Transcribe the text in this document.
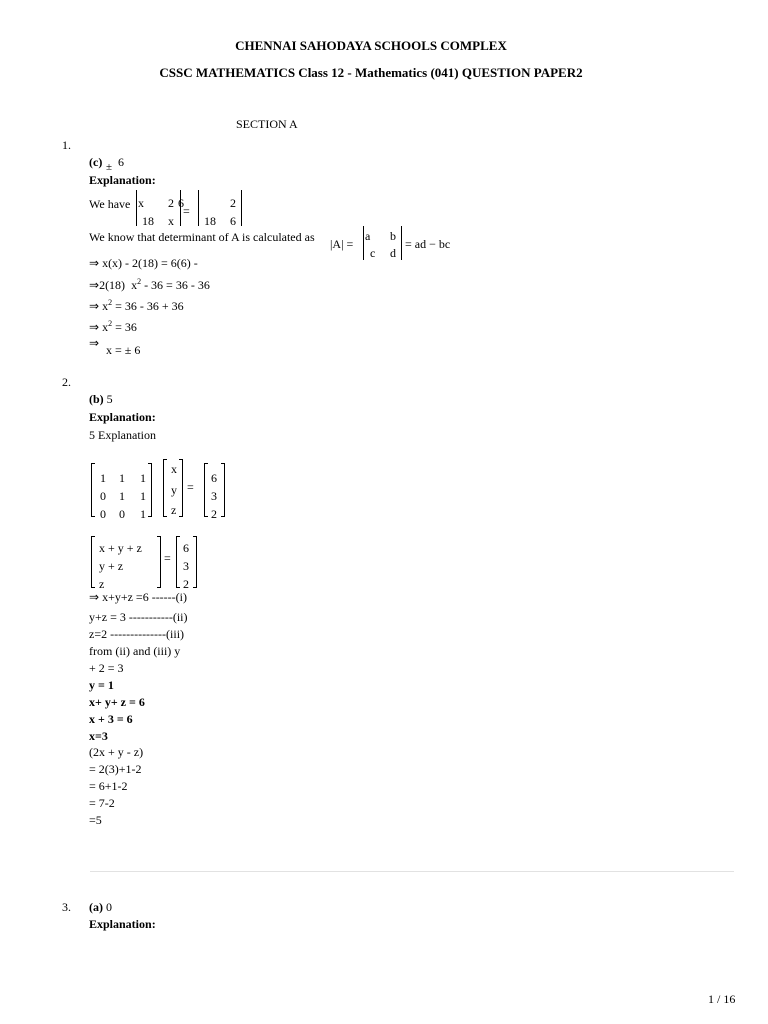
CHENNAI SAHODAYA SCHOOLS COMPLEX
CSSC MATHEMATICS Class 12 - Mathematics (041) QUESTION PAPER2
SECTION A
1.
(c) ± 6
Explanation:
We have x 2
18 x
=
6	2
18 6
We know that determinant of A is calculated as |A| =
a b
c d
= ad − bc
⇒ x(x) - 2(18) = 6(6) -
⇒2(18) $x^2 - 36 = 36 - 36$
⇒ $x^2 = 36 - 36 + 36$
⇒ $x^2 = 36$
⇒ x = ± 6
2.
(b) 5
Explanation:
5 Explanation
1 1 1
0 1 1
0 0 1
x
y
z
=
6
3
2
x + y + z
y + z
z
=
6
3
2
⇒ x+y+z =6 ------(i)
y+z = 3 -----------(ii)
z=2 --------------(iii)
from (ii) and (iii) y
+ 2 = 3
y = 1
x+ y+ z = 6
x + 3 = 6
x=3
(2x + y - z)
= 2(3)+1-2
= 6+1-2
= 7-2
=5
3. (a) 0
Explanation:
1 / 16
